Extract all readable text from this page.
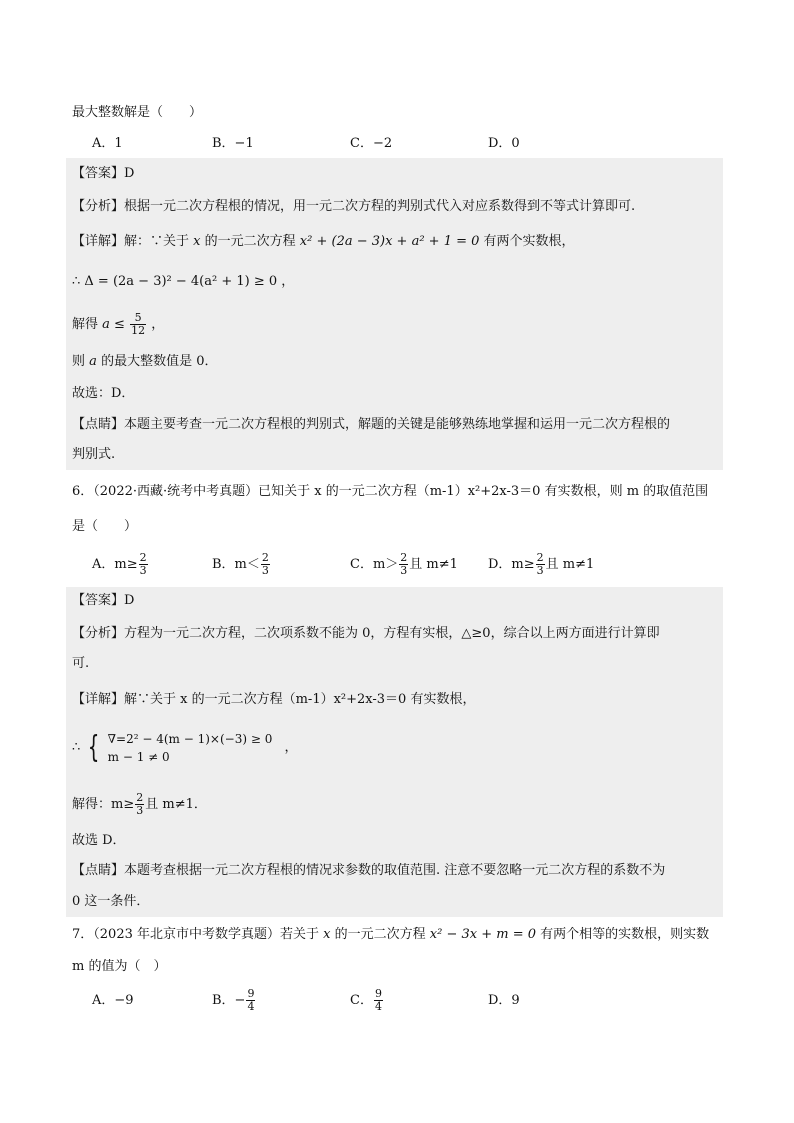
最大整数解是（　　）
A．1	B．−1	C．−2	D．0
【答案】D
【分析】根据一元二次方程根的情况，用一元二次方程的判别式代入对应系数得到不等式计算即可.
【详解】解：∵关于 x 的一元二次方程 x² + (2a − 3)x + a² + 1 = 0 有两个实数根，
∴ Δ = (2a − 3)² − 4(a² + 1) ≥ 0 ，
解得 $a \le \frac{5}{12}$ ，
则 a 的最大整数值是 0．
故选：D．
【点睛】本题主要考查一元二次方程根的判别式，解题的关键是能够熟练地掌握和运用一元二次方程根的
判别式.
6．（2022·西藏·统考中考真题）已知关于 x 的一元二次方程（m-1）x²+2x-3＝0 有实数根，则 m 的取值范围
是（　　）
A．$m\ge \frac{2}{3}$	B．$m< \frac{2}{3}$	C．$m> \frac{2}{3}$ 且 m≠1 D．$m\ge \frac{2}{3}$ 且 m≠1
【答案】D
【分析】方程为一元二次方程，二次项系数不能为 0，方程有实根，△≥0，综合以上两方面进行计算即
可.
【详解】解∵关于 x 的一元二次方程（m-1）x²+2x-3＝0 有实数根，
∴ { ∇=2² − 4(m − 1)×(−3) ≥ 0
m − 1 ≠ 0
，
解得：$m\ge \frac{2}{3}$ 且 m≠1．
故选 D．
【点睛】本题考查根据一元二次方程根的情况求参数的取值范围. 注意不要忽略一元二次方程的系数不为
0 这一条件．
7．（2023 年北京市中考数学真题）若关于 x 的一元二次方程 x² − 3x + m = 0 有两个相等的实数根，则实数
m 的值为（　）
A．−9	B．− $\frac{9}{4}$	C． $\frac{9}{4}$	D．9
